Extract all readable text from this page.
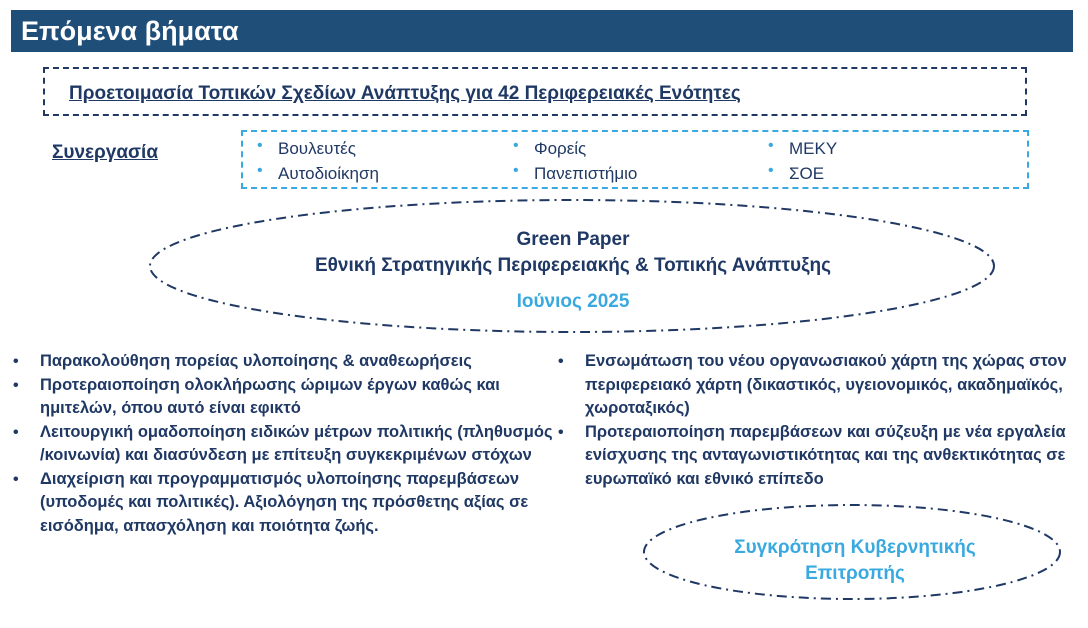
Επόμενα βήματα
Προετοιμασία Τοπικών Σχεδίων Ανάπτυξης για 42 Περιφερειακές Ενότητες
Συνεργασία	• Βουλευτές
• Αυτοδιοίκηση
• Φορείς
• Πανεπιστήμιο
• ΜΕΚΥ
• ΣΟΕ
Green Paper
Εθνική Στρατηγικής Περιφερειακής & Τοπικής Ανάπτυξης
Ιούνιος 2025
• Παρακολούθηση πορείας υλοποίησης & αναθεωρήσεις
• Προτεραιοποίηση ολοκλήρωσης ώριμων έργων καθώς και ημιτελών, όπου αυτό είναι εφικτό
• Λειτουργική ομαδοποίηση ειδικών μέτρων πολιτικής (πληθυσμός /κοινωνία) και διασύνδεση με επίτευξη συγκεκριμένων στόχων
• Διαχείριση και προγραμματισμός υλοποίησης παρεμβάσεων (υποδομές και πολιτικές). Αξιολόγηση της πρόσθετης αξίας σε εισόδημα, απασχόληση και ποιότητα ζωής.
• Ενσωμάτωση του νέου οργανωσιακού χάρτη της χώρας στον περιφερειακό χάρτη (δικαστικός, υγειονομικός, ακαδημαϊκός, χωροταξικός)
• Προτεραιοποίηση παρεμβάσεων και σύζευξη με νέα εργαλεία ενίσχυσης της ανταγωνιστικότητας και της ανθεκτικότητας σε ευρωπαϊκό και εθνικό επίπεδο
Συγκρότηση Κυβερνητικής
Επιτροπής
